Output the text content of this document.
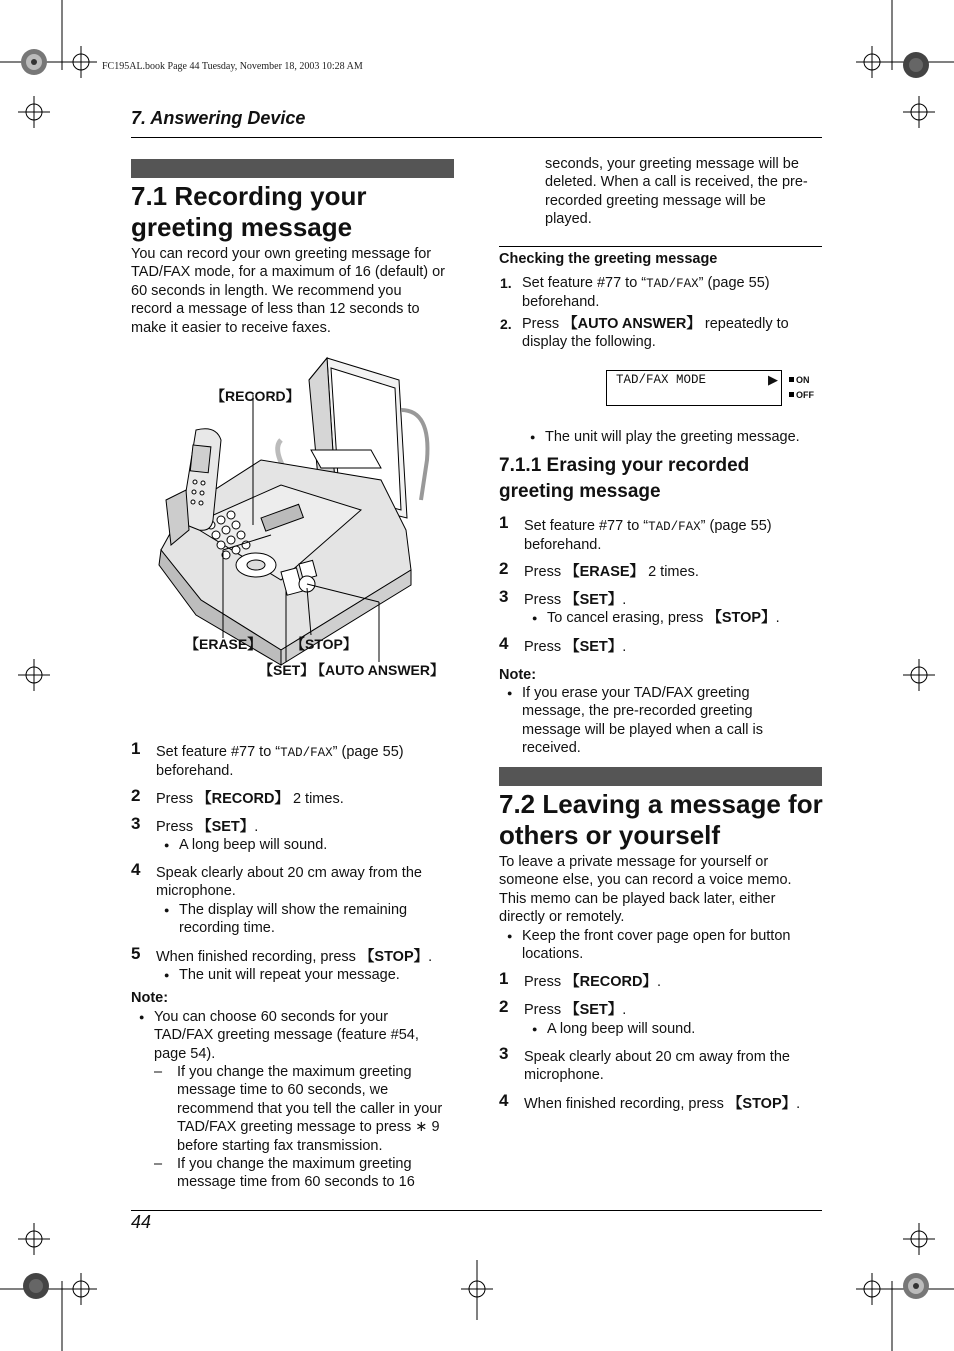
FC195AL.book Page 44 Tuesday, November 18, 2003 10:28 AM
7. Answering Device
7.1 Recording your
greeting message
You can record your own greeting message for
TAD/FAX mode, for a maximum of 16 (default) or
60 seconds in length. We recommend you
record a message of less than 12 seconds to
make it easier to receive faxes.
【RECORD】
【ERASE】 【STOP】
【SET】
【AUTO ANSWER】
1 Set feature #77 to “TAD/FAX” (page 55)
beforehand.
2 Press 【RECORD】 2 times.
3 Press 【SET】.
● A long beep will sound.
4 Speak clearly about 20 cm away from the
microphone.
● The display will show the remaining
recording time.
5 When finished recording, press 【STOP】.
● The unit will repeat your message.
Note:
● You can choose 60 seconds for your
TAD/FAX greeting message (feature #54,
page 54).
– If you change the maximum greeting
message time to 60 seconds, we
recommend that you tell the caller in your
TAD/FAX greeting message to press ∗ 9
before starting fax transmission.
– If you change the maximum greeting
message time from 60 seconds to 16
seconds, your greeting message will be
deleted. When a call is received, the pre-
recorded greeting message will be
played.
Checking the greeting message
1. Set feature #77 to “TAD/FAX” (page 55)
beforehand.
2. Press 【AUTO ANSWER】 repeatedly to
display the following.
TAD/FAX MODE	▶	ON
OFF
● The unit will play the greeting message.
7.1.1 Erasing your recorded
greeting message
1 Set feature #77 to “TAD/FAX” (page 55)
beforehand.
2 Press 【ERASE】 2 times.
3 Press 【SET】.
● To cancel erasing, press 【STOP】.
4 Press 【SET】.
Note:
● If you erase your TAD/FAX greeting
message, the pre-recorded greeting
message will be played when a call is
received.
7.2 Leaving a message for
others or yourself
To leave a private message for yourself or
someone else, you can record a voice memo.
This memo can be played back later, either
directly or remotely.
● Keep the front cover page open for button
locations.
1 Press 【RECORD】.
2 Press 【SET】.
● A long beep will sound.
3 Speak clearly about 20 cm away from the
microphone.
4 When finished recording, press 【STOP】.
44
